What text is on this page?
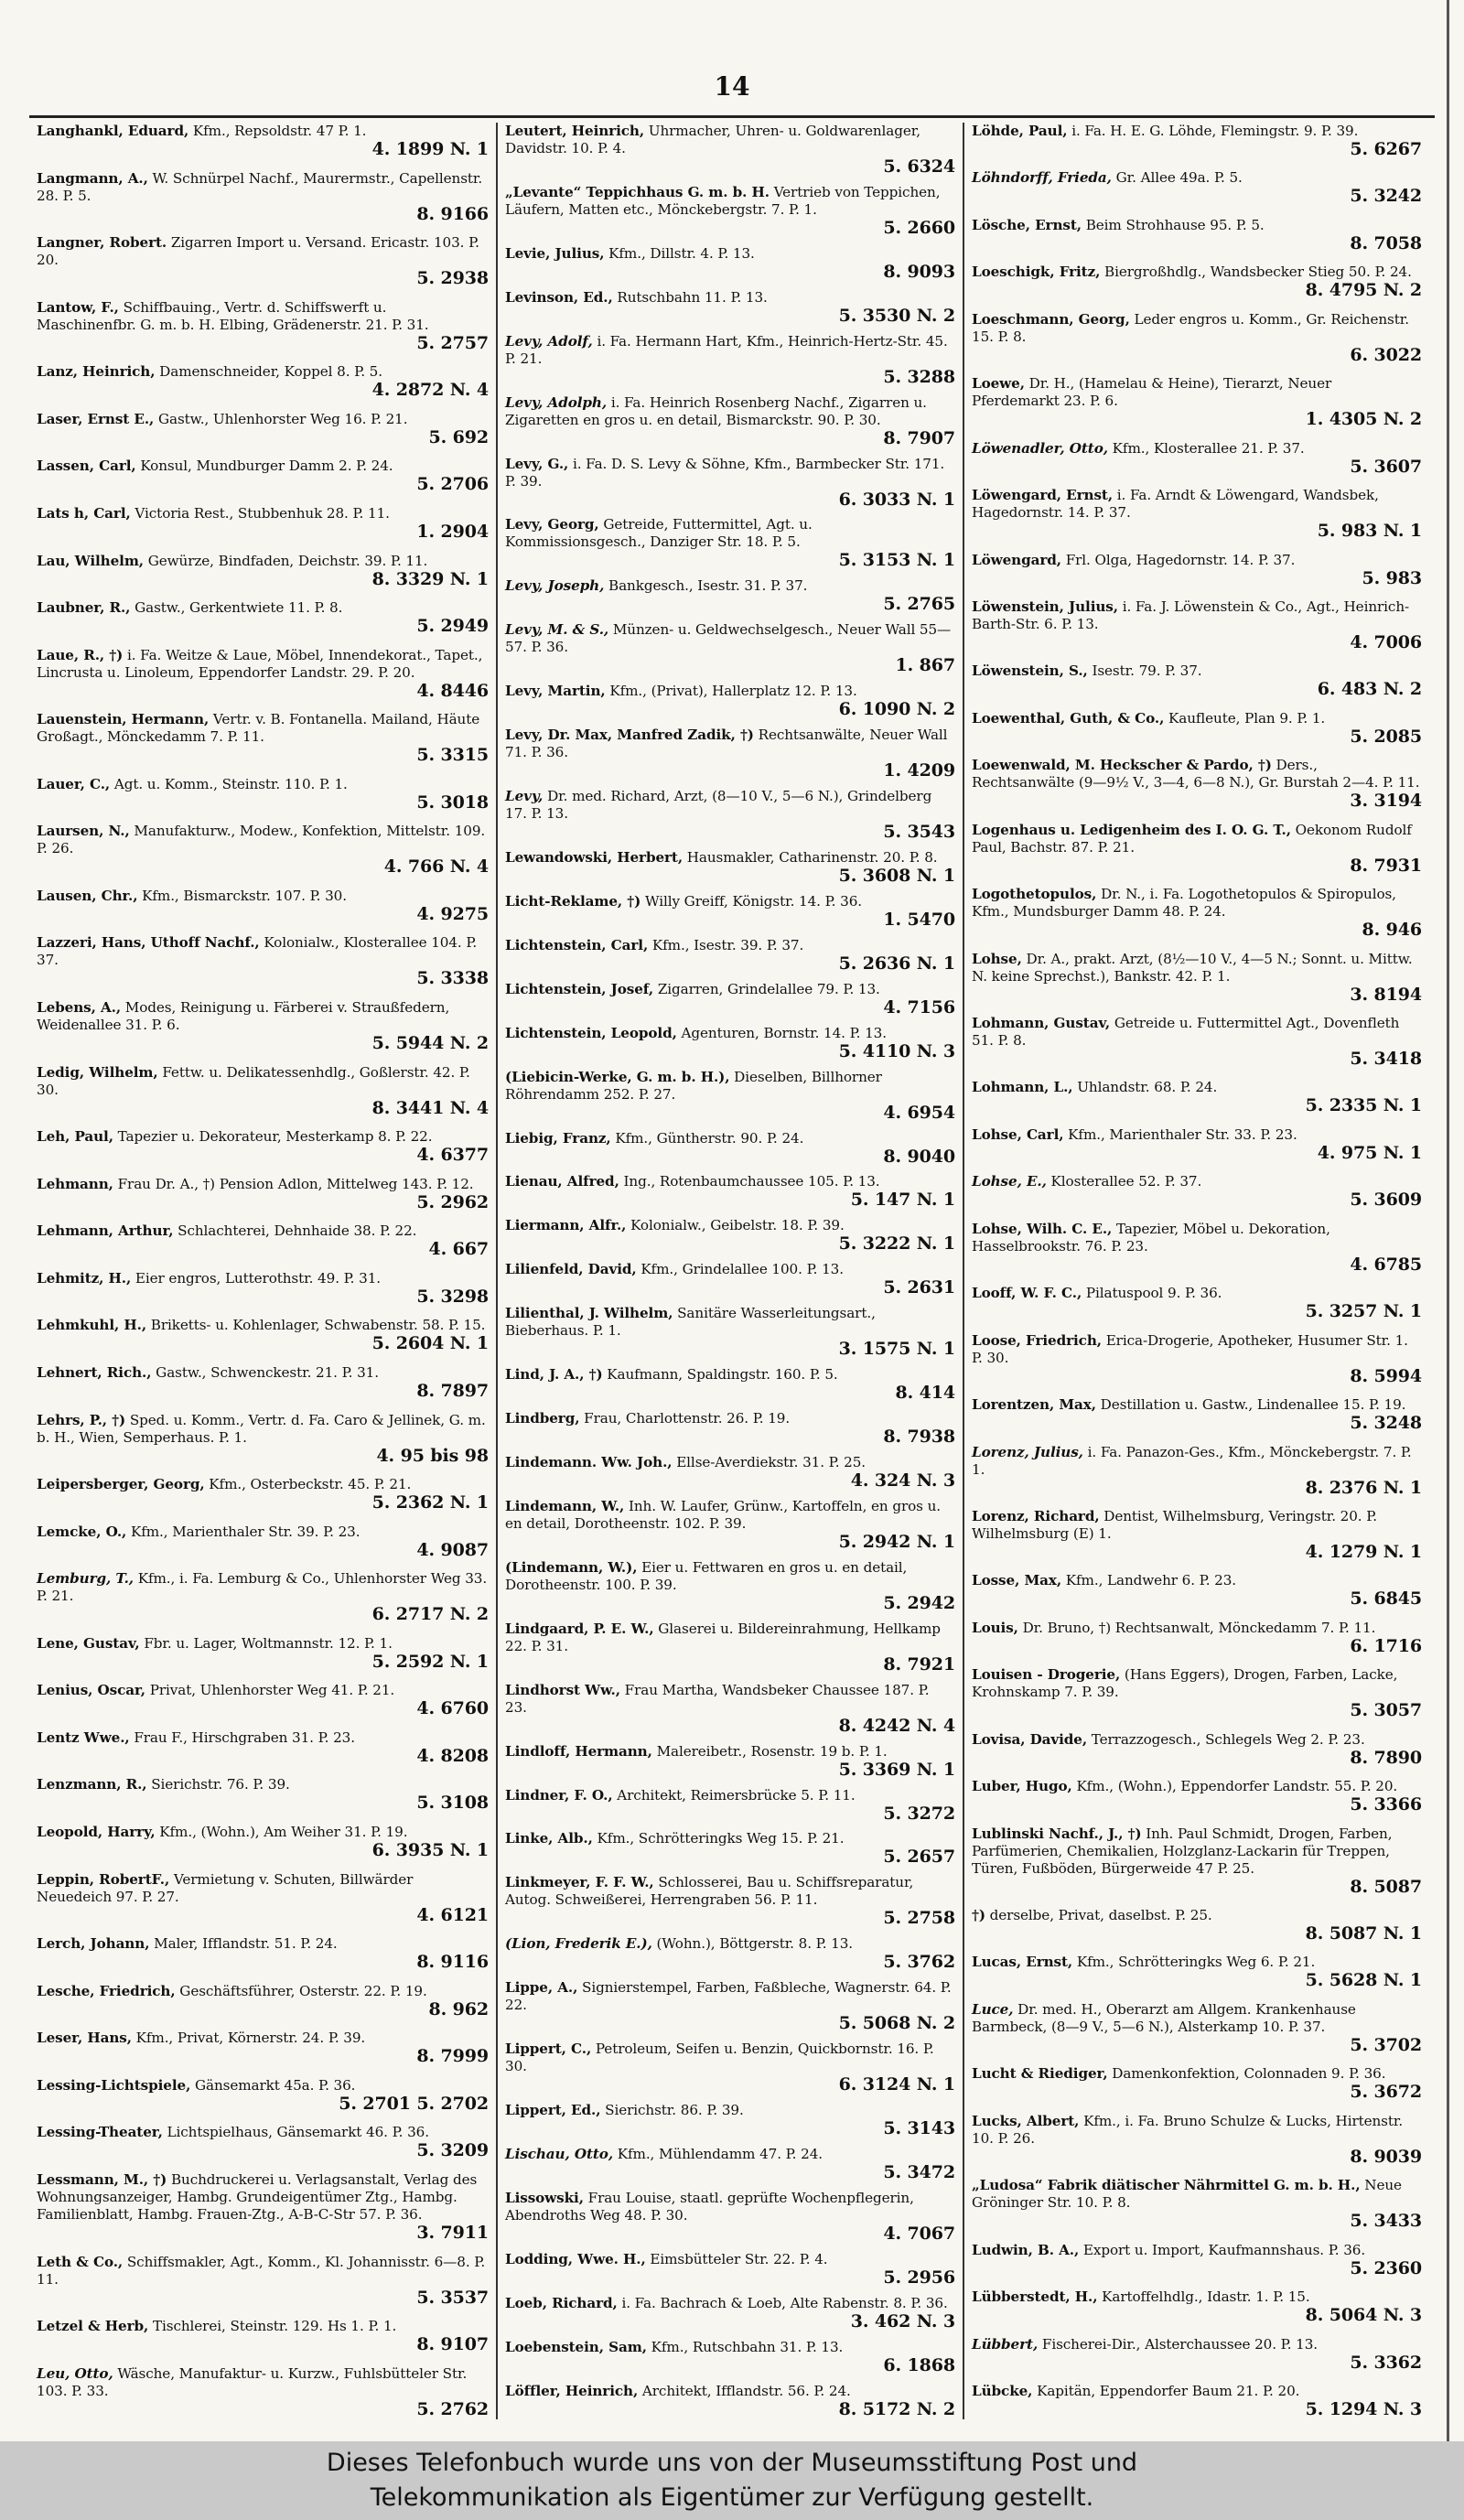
14
Langhankl, Eduard, Kfm., Repsoldstr. 47 P. 1.
4. 1899 N. 1
Langmann, A., W. Schnürpel Nachf., Maurermstr., Capellenstr. 28. P. 5.
8. 9166
Langner, Robert. Zigarren Import u. Versand. Ericastr. 103. P. 20.
5. 2938
Lantow, F., Schiffbauing., Vertr. d. Schiffswerft u. Maschinenfbr. G. m. b. H. Elbing, Grädenerstr. 21. P. 31.
5. 2757
Lanz, Heinrich, Damenschneider, Koppel 8. P. 5.
4. 2872 N. 4
Laser, Ernst E., Gastw., Uhlenhorster Weg 16. P. 21.
5. 692
Lassen, Carl, Konsul, Mundburger Damm 2. P. 24.
5. 2706
Lats h, Carl, Victoria Rest., Stubbenhuk 28. P. 11.
1. 2904
Lau, Wilhelm, Gewürze, Bindfaden, Deichstr. 39. P. 11.
8. 3329 N. 1
Laubner, R., Gastw., Gerkentwiete 11. P. 8.
5. 2949
Laue, R., †) i. Fa. Weitze & Laue, Möbel, Innendekorat., Tapet., Lincrusta u. Linoleum, Eppendorfer Landstr. 29. P. 20.
4. 8446
Lauenstein, Hermann, Vertr. v. B. Fontanella. Mailand, Häute Großagt., Mönckedamm 7. P. 11.
5. 3315
Lauer, C., Agt. u. Komm., Steinstr. 110. P. 1.
5. 3018
Laursen, N., Manufakturw., Modew., Konfektion, Mittelstr. 109. P. 26.
4. 766 N. 4
Lausen, Chr., Kfm., Bismarckstr. 107. P. 30.
4. 9275
Lazzeri, Hans, Uthoff Nachf., Kolonialw., Klosterallee 104. P. 37.
5. 3338
Lebens, A., Modes, Reinigung u. Färberei v. Straußfedern, Weidenallee 31. P. 6.
5. 5944 N. 2
Ledig, Wilhelm, Fettw. u. Delikatessenhdlg., Goßlerstr. 42. P. 30.
8. 3441 N. 4
Leh, Paul, Tapezier u. Dekorateur, Mesterkamp 8. P. 22.
4. 6377
Lehmann, Frau Dr. A., †) Pension Adlon, Mittelweg 143. P. 12.
5. 2962
Lehmann, Arthur, Schlachterei, Dehnhaide 38. P. 22.
4. 667
Lehmitz, H., Eier engros, Lutterothstr. 49. P. 31.
5. 3298
Lehmkuhl, H., Briketts- u. Kohlenlager, Schwabenstr. 58. P. 15.
5. 2604 N. 1
Lehnert, Rich., Gastw., Schwenckestr. 21. P. 31.
8. 7897
Lehrs, P., †) Sped. u. Komm., Vertr. d. Fa. Caro & Jellinek, G. m. b. H., Wien, Semperhaus. P. 1.
4. 95 bis 98
Leipersberger, Georg, Kfm., Osterbeckstr. 45. P. 21.
5. 2362 N. 1
Lemcke, O., Kfm., Marienthaler Str. 39. P. 23.
4. 9087
Lemburg, T., Kfm., i. Fa. Lemburg & Co., Uhlenhorster Weg 33. P. 21.
6. 2717 N. 2
Lene, Gustav, Fbr. u. Lager, Woltmannstr. 12. P. 1.
5. 2592 N. 1
Lenius, Oscar, Privat, Uhlenhorster Weg 41. P. 21.
4. 6760
Lentz Wwe., Frau F., Hirschgraben 31. P. 23.
4. 8208
Lenzmann, R., Sierichstr. 76. P. 39.
5. 3108
Leopold, Harry, Kfm., (Wohn.), Am Weiher 31. P. 19.
6. 3935 N. 1
Leppin, RobertF., Vermietung v. Schuten, Billwärder Neuedeich 97. P. 27.
4. 6121
Lerch, Johann, Maler, Ifflandstr. 51. P. 24.
8. 9116
Lesche, Friedrich, Geschäftsführer, Osterstr. 22. P. 19.
8. 962
Leser, Hans, Kfm., Privat, Körnerstr. 24. P. 39.
8. 7999
Lessing-Lichtspiele, Gänsemarkt 45a. P. 36.
5. 2701 5. 2702
Lessing-Theater, Lichtspielhaus, Gänsemarkt 46. P. 36.
5. 3209
Lessmann, M., †) Buchdruckerei u. Verlagsanstalt, Verlag des Wohnungsanzeiger, Hambg. Grundeigentümer Ztg., Hambg. Familienblatt, Hambg. Frauen-Ztg., A-B-C-Str 57. P. 36.
3. 7911
Leth & Co., Schiffsmakler, Agt., Komm., Kl. Johannisstr. 6—8. P. 11.
5. 3537
Letzel & Herb, Tischlerei, Steinstr. 129. Hs 1. P. 1.
8. 9107
Leu, Otto, Wäsche, Manufaktur- u. Kurzw., Fuhlsbütteler Str. 103. P. 33.
5. 2762
Leutert, Heinrich, Uhrmacher, Uhren- u. Goldwarenlager, Davidstr. 10. P. 4.
5. 6324
„Levante“ Teppichhaus G. m. b. H. Vertrieb von Teppichen, Läufern, Matten etc., Mönckebergstr. 7. P. 1.
5. 2660
Levie, Julius, Kfm., Dillstr. 4. P. 13.
8. 9093
Levinson, Ed., Rutschbahn 11. P. 13.
5. 3530 N. 2
Levy, Adolf, i. Fa. Hermann Hart, Kfm., Heinrich-Hertz-Str. 45. P. 21.
5. 3288
Levy, Adolph, i. Fa. Heinrich Rosenberg Nachf., Zigarren u. Zigaretten en gros u. en detail, Bismarckstr. 90. P. 30.
8. 7907
Levy, G., i. Fa. D. S. Levy & Söhne, Kfm., Barmbecker Str. 171. P. 39.
6. 3033 N. 1
Levy, Georg, Getreide, Futtermittel, Agt. u. Kommissionsgesch., Danziger Str. 18. P. 5.
5. 3153 N. 1
Levy, Joseph, Bankgesch., Isestr. 31. P. 37.
5. 2765
Levy, M. & S., Münzen- u. Geldwechselgesch., Neuer Wall 55—57. P. 36.
1. 867
Levy, Martin, Kfm., (Privat), Hallerplatz 12. P. 13.
6. 1090 N. 2
Levy, Dr. Max, Manfred Zadik, †) Rechtsanwälte, Neuer Wall 71. P. 36.
1. 4209
Levy, Dr. med. Richard, Arzt, (8—10 V., 5—6 N.), Grindelberg 17. P. 13.
5. 3543
Lewandowski, Herbert, Hausmakler, Catharinenstr. 20. P. 8.
5. 3608 N. 1
Licht-Reklame, †) Willy Greiff, Königstr. 14. P. 36.
1. 5470
Lichtenstein, Carl, Kfm., Isestr. 39. P. 37.
5. 2636 N. 1
Lichtenstein, Josef, Zigarren, Grindelallee 79. P. 13.
4. 7156
Lichtenstein, Leopold, Agenturen, Bornstr. 14. P. 13.
5. 4110 N. 3
(Liebicin-Werke, G. m. b. H.), Dieselben, Billhorner Röhrendamm 252. P. 27.
4. 6954
Liebig, Franz, Kfm., Güntherstr. 90. P. 24.
8. 9040
Lienau, Alfred, Ing., Rotenbaumchaussee 105. P. 13.
5. 147 N. 1
Liermann, Alfr., Kolonialw., Geibelstr. 18. P. 39.
5. 3222 N. 1
Lilienfeld, David, Kfm., Grindelallee 100. P. 13.
5. 2631
Lilienthal, J. Wilhelm, Sanitäre Wasserleitungsart., Bieberhaus. P. 1.
3. 1575 N. 1
Lind, J. A., †) Kaufmann, Spaldingstr. 160. P. 5.
8. 414
Lindberg, Frau, Charlottenstr. 26. P. 19.
8. 7938
Lindemann. Ww. Joh., Ellse-Averdiekstr. 31. P. 25.
4. 324 N. 3
Lindemann, W., Inh. W. Laufer, Grünw., Kartoffeln, en gros u. en detail, Dorotheenstr. 102. P. 39.
5. 2942 N. 1
(Lindemann, W.), Eier u. Fettwaren en gros u. en detail, Dorotheenstr. 100. P. 39.
5. 2942
Lindgaard, P. E. W., Glaserei u. Bildereinrahmung, Hellkamp 22. P. 31.
8. 7921
Lindhorst Ww., Frau Martha, Wandsbeker Chaussee 187. P. 23.
8. 4242 N. 4
Lindloff, Hermann, Malereibetr., Rosenstr. 19 b. P. 1.
5. 3369 N. 1
Lindner, F. O., Architekt, Reimersbrücke 5. P. 11.
5. 3272
Linke, Alb., Kfm., Schrötteringks Weg 15. P. 21.
5. 2657
Linkmeyer, F. F. W., Schlosserei, Bau u. Schiffsreparatur, Autog. Schweißerei, Herrengraben 56. P. 11.
5. 2758
(Lion, Frederik E.), (Wohn.), Böttgerstr. 8. P. 13.
5. 3762
Lippe, A., Signierstempel, Farben, Faßbleche, Wagnerstr. 64. P. 22.
5. 5068 N. 2
Lippert, C., Petroleum, Seifen u. Benzin, Quickbornstr. 16. P. 30.
6. 3124 N. 1
Lippert, Ed., Sierichstr. 86. P. 39.
5. 3143
Lischau, Otto, Kfm., Mühlendamm 47. P. 24.
5. 3472
Lissowski, Frau Louise, staatl. geprüfte Wochenpflegerin, Abendroths Weg 48. P. 30.
4. 7067
Lodding, Wwe. H., Eimsbütteler Str. 22. P. 4.
5. 2956
Loeb, Richard, i. Fa. Bachrach & Loeb, Alte Rabenstr. 8. P. 36.
3. 462 N. 3
Loebenstein, Sam, Kfm., Rutschbahn 31. P. 13.
6. 1868
Löffler, Heinrich, Architekt, Ifflandstr. 56. P. 24.
8. 5172 N. 2
Löhde, Paul, i. Fa. H. E. G. Löhde, Flemingstr. 9. P. 39.
5. 6267
Löhndorff, Frieda, Gr. Allee 49a. P. 5.
5. 3242
Lösche, Ernst, Beim Strohhause 95. P. 5.
8. 7058
Loeschigk, Fritz, Biergroßhdlg., Wandsbecker Stieg 50. P. 24.
8. 4795 N. 2
Loeschmann, Georg, Leder engros u. Komm., Gr. Reichenstr. 15. P. 8.
6. 3022
Loewe, Dr. H., (Hamelau & Heine), Tierarzt, Neuer Pferdemarkt 23. P. 6.
1. 4305 N. 2
Löwenadler, Otto, Kfm., Klosterallee 21. P. 37.
5. 3607
Löwengard, Ernst, i. Fa. Arndt & Löwengard, Wandsbek, Hagedornstr. 14. P. 37.
5. 983 N. 1
Löwengard, Frl. Olga, Hagedornstr. 14. P. 37.
5. 983
Löwenstein, Julius, i. Fa. J. Löwenstein & Co., Agt., Heinrich-Barth-Str. 6. P. 13.
4. 7006
Löwenstein, S., Isestr. 79. P. 37.
6. 483 N. 2
Loewenthal, Guth, & Co., Kaufleute, Plan 9. P. 1.
5. 2085
Loewenwald, M. Heckscher & Pardo, †) Ders., Rechtsanwälte (9—9½ V., 3—4, 6—8 N.), Gr. Burstah 2—4. P. 11.
3. 3194
Logenhaus u. Ledigenheim des I. O. G. T., Oekonom Rudolf Paul, Bachstr. 87. P. 21.
8. 7931
Logothetopulos, Dr. N., i. Fa. Logothetopulos & Spiropulos, Kfm., Mundsburger Damm 48. P. 24.
8. 946
Lohse, Dr. A., prakt. Arzt, (8½—10 V., 4—5 N.; Sonnt. u. Mittw. N. keine Sprechst.), Bankstr. 42. P. 1.
3. 8194
Lohmann, Gustav, Getreide u. Futtermittel Agt., Dovenfleth 51. P. 8.
5. 3418
Lohmann, L., Uhlandstr. 68. P. 24.
5. 2335 N. 1
Lohse, Carl, Kfm., Marienthaler Str. 33. P. 23.
4. 975 N. 1
Lohse, E., Klosterallee 52. P. 37.
5. 3609
Lohse, Wilh. C. E., Tapezier, Möbel u. Dekoration, Hasselbrookstr. 76. P. 23.
4. 6785
Looff, W. F. C., Pilatuspool 9. P. 36.
5. 3257 N. 1
Loose, Friedrich, Erica-Drogerie, Apotheker, Husumer Str. 1. P. 30.
8. 5994
Lorentzen, Max, Destillation u. Gastw., Lindenallee 15. P. 19.
5. 3248
Lorenz, Julius, i. Fa. Panazon-Ges., Kfm., Mönckebergstr. 7. P. 1.
8. 2376 N. 1
Lorenz, Richard, Dentist, Wilhelmsburg, Veringstr. 20. P. Wilhelmsburg (E) 1.
4. 1279 N. 1
Losse, Max, Kfm., Landwehr 6. P. 23.
5. 6845
Louis, Dr. Bruno, †) Rechtsanwalt, Mönckedamm 7. P. 11.
6. 1716
Louisen - Drogerie, (Hans Eggers), Drogen, Farben, Lacke, Krohnskamp 7. P. 39.
5. 3057
Lovisa, Davide, Terrazzogesch., Schlegels Weg 2. P. 23.
8. 7890
Luber, Hugo, Kfm., (Wohn.), Eppendorfer Landstr. 55. P. 20.
5. 3366
Lublinski Nachf., J., †) Inh. Paul Schmidt, Drogen, Farben, Parfümerien, Chemikalien, Holzglanz-Lackarin für Treppen, Türen, Fußböden, Bürgerweide 47 P. 25.
8. 5087
†) derselbe, Privat, daselbst. P. 25.
8. 5087 N. 1
Lucas, Ernst, Kfm., Schrötteringks Weg 6. P. 21.
5. 5628 N. 1
Luce, Dr. med. H., Oberarzt am Allgem. Krankenhause Barmbeck, (8—9 V., 5—6 N.), Alsterkamp 10. P. 37.
5. 3702
Lucht & Riediger, Damenkonfektion, Colonnaden 9. P. 36.
5. 3672
Lucks, Albert, Kfm., i. Fa. Bruno Schulze & Lucks, Hirtenstr. 10. P. 26.
8. 9039
„Ludosa“ Fabrik diätischer Nährmittel G. m. b. H., Neue Gröninger Str. 10. P. 8.
5. 3433
Ludwin, B. A., Export u. Import, Kaufmannshaus. P. 36.
5. 2360
Lübberstedt, H., Kartoffelhdlg., Idastr. 1. P. 15.
8. 5064 N. 3
Lübbert, Fischerei-Dir., Alsterchaussee 20. P. 13.
5. 3362
Lübcke, Kapitän, Eppendorfer Baum 21. P. 20.
5. 1294 N. 3
Dieses Telefonbuch wurde uns von der Museumsstiftung Post und
Telekommunikation als Eigentümer zur Verfügung gestellt.
